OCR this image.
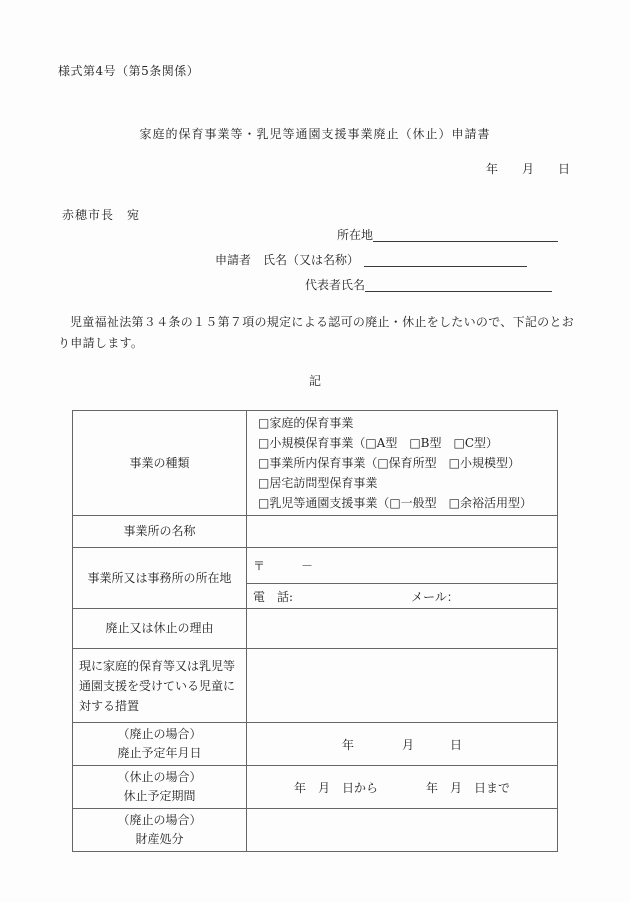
様式第4号（第5条関係）
家庭的保育事業等・乳児等通園支援事業廃止（休止）申請書
年　　月　　日
赤穂市長　宛
申請者
所在地
氏名（又は名称）
代表者氏名
児童福祉法第３４条の１５第７項の規定による認可の廃止・休止をしたいので、下記のとおり申請します。
記
事業の種類	□家庭的保育事業
□小規模保育事業（□A型　□B型　□C型）
□事業所内保育事業（□保育所型　□小規模型）
□居宅訪問型保育事業
□乳児等通園支援事業（□一般型　□余裕活用型）

事業所の名称	
事業所又は事務所の所在地	〒 －
	電　話: メール：
廃止又は休止の理由	
現に家庭的保育等又は乳児等通園支援を受けている児童に対する措置	

（廃止の場合）
廃止予定年月日	年　　　　月　　　日

（休止の場合）
休止予定期間	年　月　日から　　　　年　月　日まで

（廃止の場合）
財産処分	
